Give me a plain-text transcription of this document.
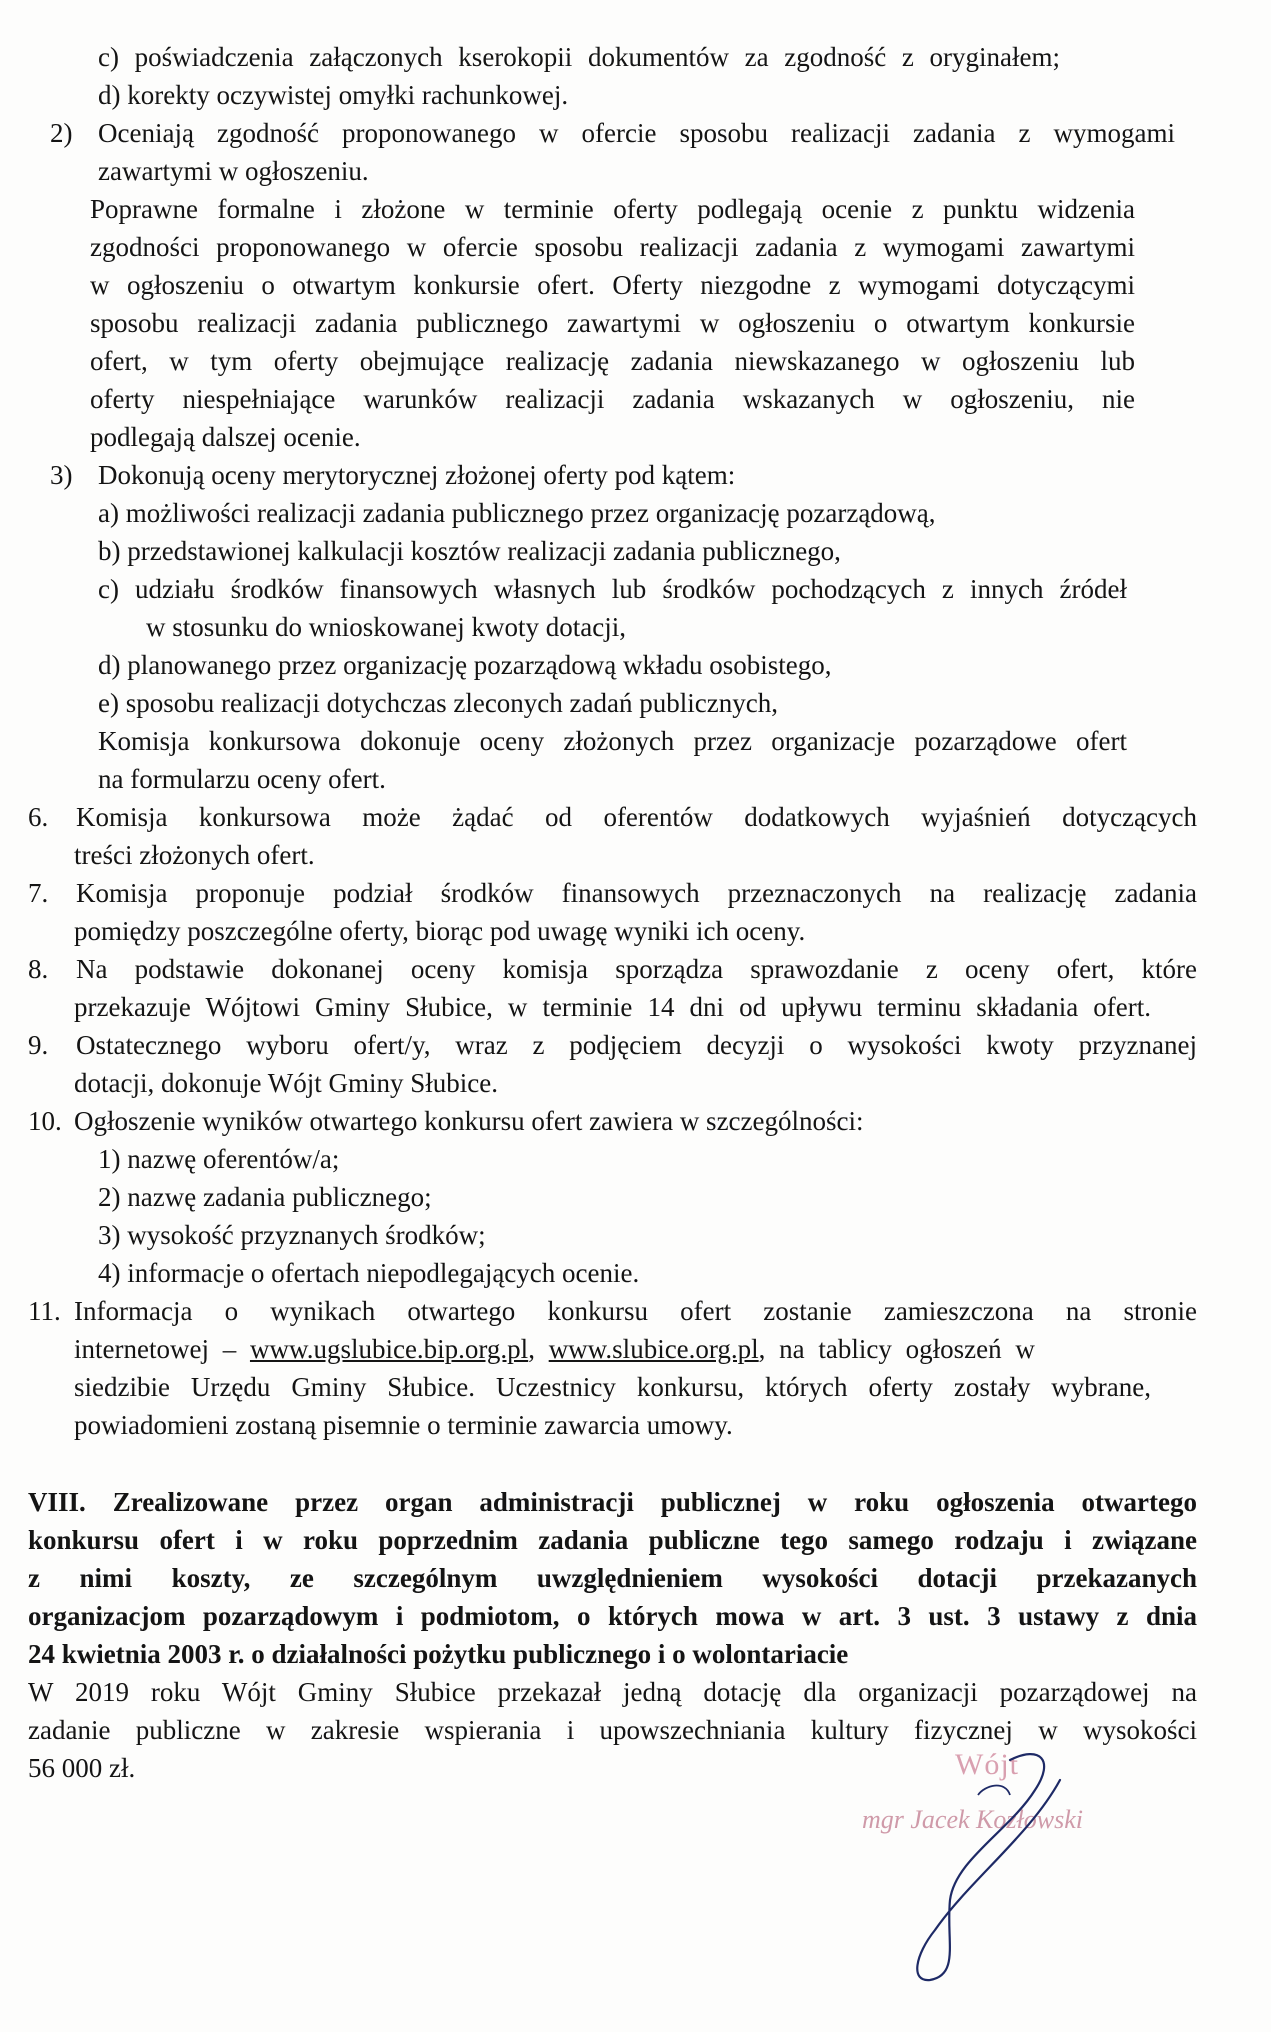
c) poświadczenia załączonych kserokopii dokumentów za zgodność z oryginałem;
d) korekty oczywistej omyłki rachunkowej.
2) Oceniają zgodność proponowanego w ofercie sposobu realizacji zadania z wymogami
zawartymi w ogłoszeniu.
Poprawne formalne i złożone w terminie oferty podlegają ocenie z punktu widzenia
zgodności proponowanego w ofercie sposobu realizacji zadania z wymogami zawartymi
w ogłoszeniu o otwartym konkursie ofert. Oferty niezgodne z wymogami dotyczącymi
sposobu realizacji zadania publicznego zawartymi w ogłoszeniu o otwartym konkursie
ofert, w tym oferty obejmujące realizację zadania niewskazanego w ogłoszeniu lub
oferty niespełniające warunków realizacji zadania wskazanych w ogłoszeniu, nie
podlegają dalszej ocenie.
3) Dokonują oceny merytorycznej złożonej oferty pod kątem:
a) możliwości realizacji zadania publicznego przez organizację pozarządową,
b) przedstawionej kalkulacji kosztów realizacji zadania publicznego,
c) udziału środków finansowych własnych lub środków pochodzących z innych źródeł
w stosunku do wnioskowanej kwoty dotacji,
d) planowanego przez organizację pozarządową wkładu osobistego,
e) sposobu realizacji dotychczas zleconych zadań publicznych,
Komisja konkursowa dokonuje oceny złożonych przez organizacje pozarządowe ofert
na formularzu oceny ofert.
6. Komisja konkursowa może żądać od oferentów dodatkowych wyjaśnień dotyczących
treści złożonych ofert.
7. Komisja proponuje podział środków finansowych przeznaczonych na realizację zadania
pomiędzy poszczególne oferty, biorąc pod uwagę wyniki ich oceny.
8. Na podstawie dokonanej oceny komisja sporządza sprawozdanie z oceny ofert, które
przekazuje Wójtowi Gminy Słubice, w terminie 14 dni od upływu terminu składania ofert.
9. Ostatecznego wyboru ofert/y, wraz z podjęciem decyzji o wysokości kwoty przyznanej
dotacji, dokonuje Wójt Gminy Słubice.
10. Ogłoszenie wyników otwartego konkursu ofert zawiera w szczególności:
1) nazwę oferentów/a;
2) nazwę zadania publicznego;
3) wysokość przyznanych środków;
4) informacje o ofertach niepodlegających ocenie.
11. Informacja o wynikach otwartego konkursu ofert zostanie zamieszczona na stronie
internetowej – www.ugslubice.bip.org.pl, www.slubice.org.pl, na tablicy ogłoszeń w
siedzibie Urzędu Gminy Słubice. Uczestnicy konkursu, których oferty zostały wybrane,
powiadomieni zostaną pisemnie o terminie zawarcia umowy.
VIII. Zrealizowane przez organ administracji publicznej w roku ogłoszenia otwartego
konkursu ofert i w roku poprzednim zadania publiczne tego samego rodzaju i związane
z nimi koszty, ze szczególnym uwzględnieniem wysokości dotacji przekazanych
organizacjom pozarządowym i podmiotom, o których mowa w art. 3 ust. 3 ustawy z dnia
24 kwietnia 2003 r. o działalności pożytku publicznego i o wolontariacie
W 2019 roku Wójt Gminy Słubice przekazał jedną dotację dla organizacji pozarządowej na
zadanie publiczne w zakresie wspierania i upowszechniania kultury fizycznej w wysokości
56 000 zł.	Wójt
mgr Jacek Kozłowski
